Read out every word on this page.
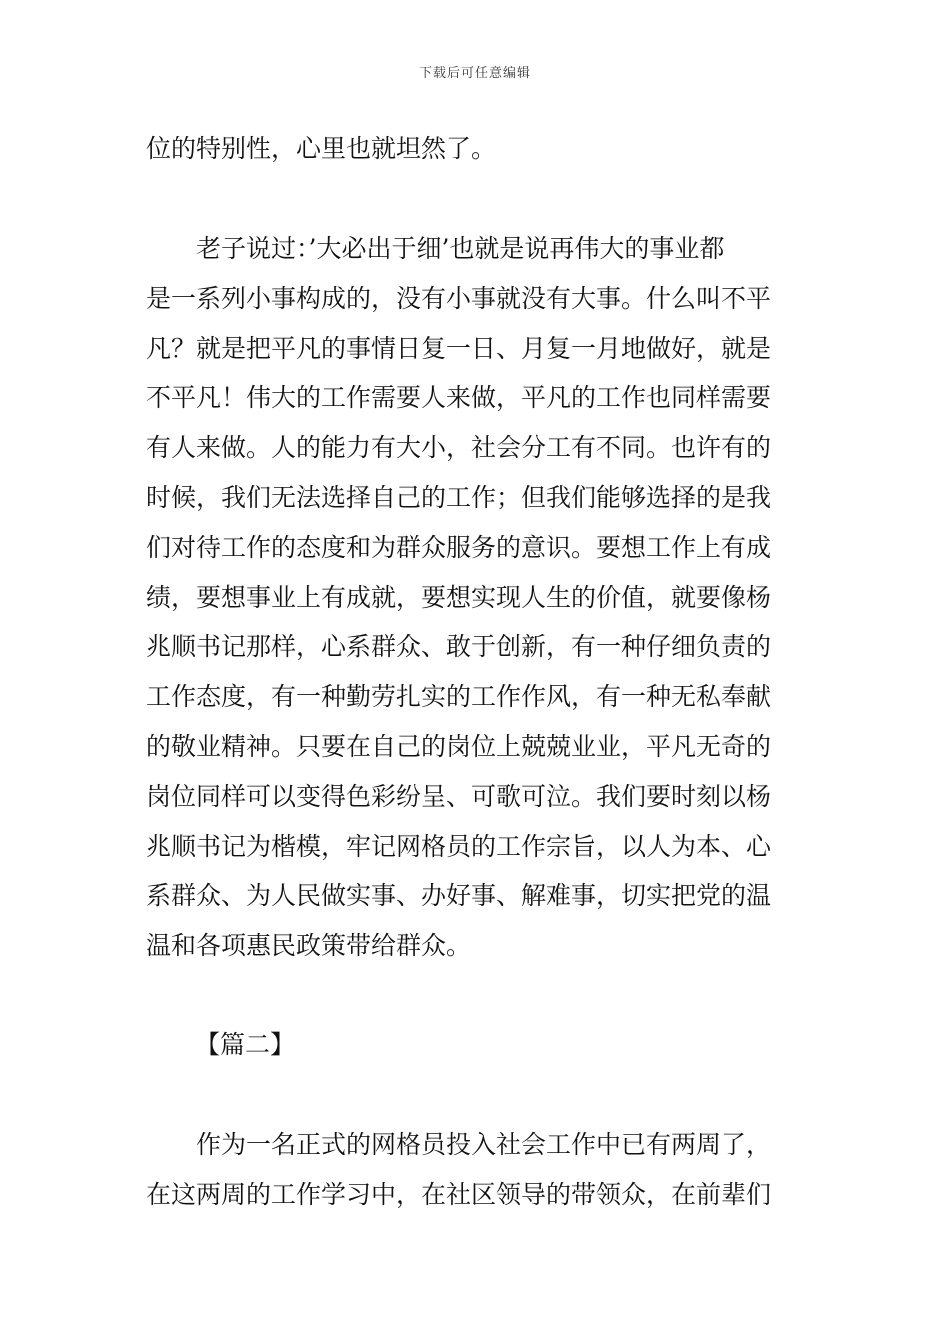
下载后可任意编辑
位的特别性，心里也就坦然了。
老子说过：’大必出于细’也就是说再伟大的事业都
是一系列小事构成的，没有小事就没有大事。什么叫不平
凡？就是把平凡的事情日复一日、月复一月地做好，就是
不平凡！伟大的工作需要人来做，平凡的工作也同样需要
有人来做。人的能力有大小，社会分工有不同。也许有的
时候，我们无法选择自己的工作；但我们能够选择的是我
们对待工作的态度和为群众服务的意识。要想工作上有成
绩，要想事业上有成就，要想实现人生的价值，就要像杨
兆顺书记那样，心系群众、敢于创新，有一种仔细负责的
工作态度，有一种勤劳扎实的工作作风，有一种无私奉献
的敬业精神。只要在自己的岗位上兢兢业业，平凡无奇的
岗位同样可以变得色彩纷呈、可歌可泣。我们要时刻以杨
兆顺书记为楷模，牢记网格员的工作宗旨，以人为本、心
系群众、为人民做实事、办好事、解难事，切实把党的温
温和各项惠民政策带给群众。
【篇二】
作为一名正式的网格员投入社会工作中已有两周了，
在这两周的工作学习中，在社区领导的带领众，在前辈们
